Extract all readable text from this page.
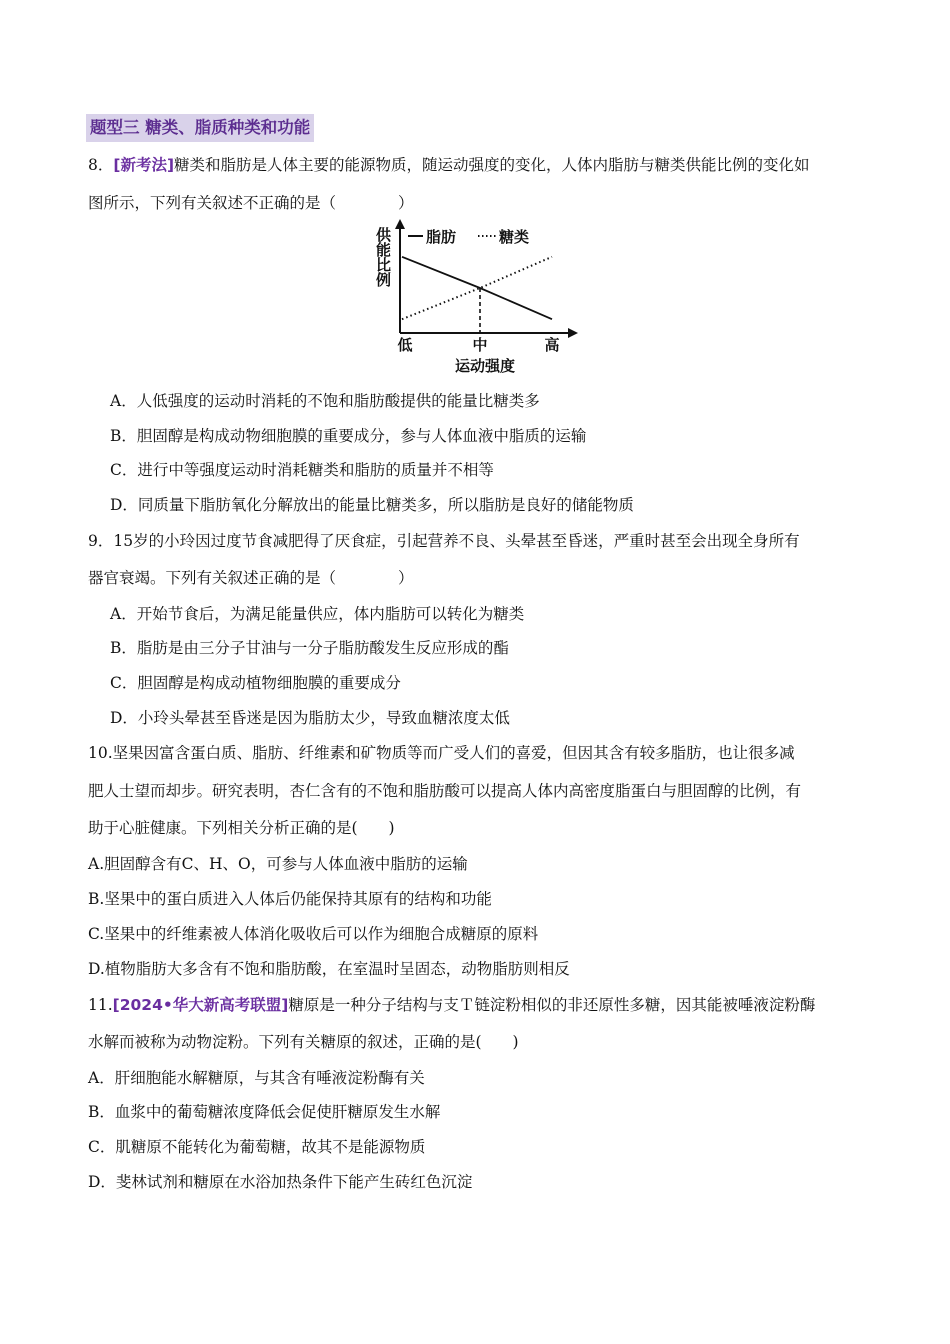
题型三 糖类、脂质种类和功能
8．[新考法]糖类和脂肪是人体主要的能源物质，随运动强度的变化，人体内脂肪与糖类供能比例的变化如
图所示，下列有关叙述不正确的是（　　　　）
供能比例 脂肪	糖类
运动强度
低	中	高
A．人低强度的运动时消耗的不饱和脂肪酸提供的能量比糖类多
B．胆固醇是构成动物细胞膜的重要成分，参与人体血液中脂质的运输
C．进行中等强度运动时消耗糖类和脂肪的质量并不相等
D．同质量下脂肪氧化分解放出的能量比糖类多，所以脂肪是良好的储能物质
9．15岁的小玲因过度节食减肥得了厌食症，引起营养不良、头晕甚至昏迷，严重时甚至会出现全身所有
器官衰竭。下列有关叙述正确的是（　　　　）
A．开始节食后，为满足能量供应，体内脂肪可以转化为糖类
B．脂肪是由三分子甘油与一分子脂肪酸发生反应形成的酯
C．胆固醇是构成动植物细胞膜的重要成分
D．小玲头晕甚至昏迷是因为脂肪太少，导致血糖浓度太低
10.坚果因富含蛋白质、脂肪、纤维素和矿物质等而广受人们的喜爱，但因其含有较多脂肪，也让很多减
肥人士望而却步。研究表明，杏仁含有的不饱和脂肪酸可以提高人体内高密度脂蛋白与胆固醇的比例，有
助于心脏健康。下列相关分析正确的是(　　)
A.胆固醇含有C、H、O，可参与人体血液中脂肪的运输
B.坚果中的蛋白质进入人体后仍能保持其原有的结构和功能
C.坚果中的纤维素被人体消化吸收后可以作为细胞合成糖原的原料
D.植物脂肪大多含有不饱和脂肪酸，在室温时呈固态，动物脂肪则相反
11.[2024•华大新高考联盟]糖原是一种分子结构与支Ｔ链淀粉相似的非还原性多糖，因其能被唾液淀粉酶
水解而被称为动物淀粉。下列有关糖原的叙述，正确的是(　　)
A．肝细胞能水解糖原，与其含有唾液淀粉酶有关
B．血浆中的葡萄糖浓度降低会促使肝糖原发生水解
C．肌糖原不能转化为葡萄糖，故其不是能源物质
D．斐林试剂和糖原在水浴加热条件下能产生砖红色沉淀
